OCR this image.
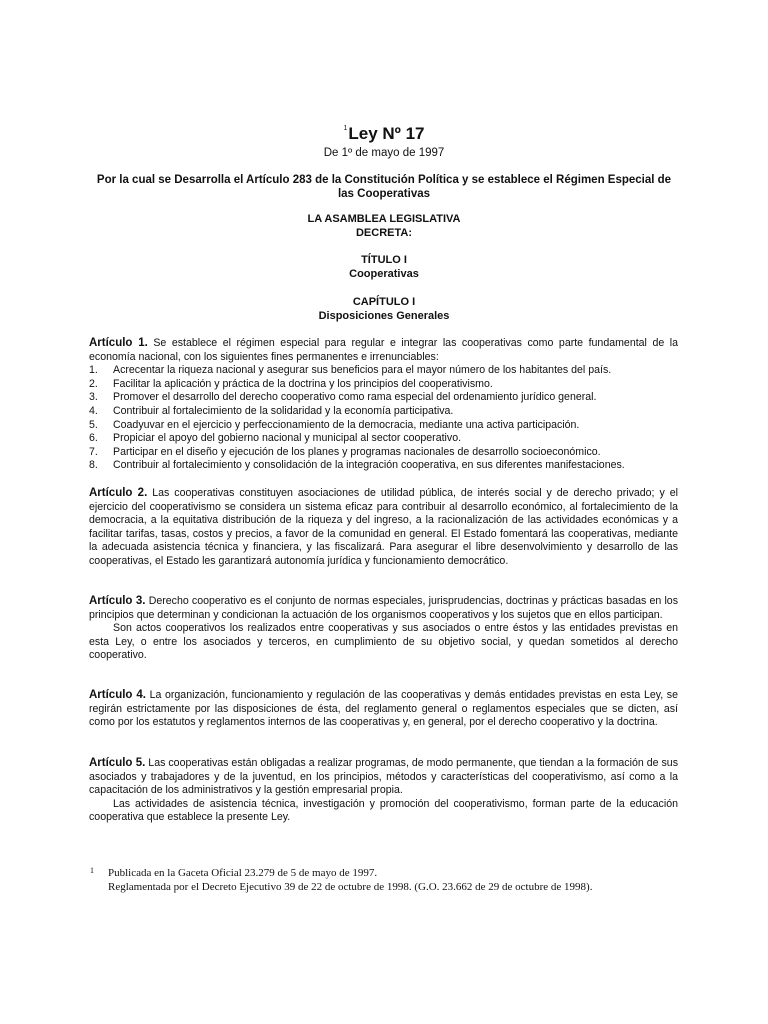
$^1$Ley Nº 17
De 1º de mayo de 1997
Por la cual se Desarrolla el Artículo 283 de la Constitución Política y se establece el Régimen Especial de las Cooperativas
LA ASAMBLEA LEGISLATIVA
DECRETA:
TÍTULO I
Cooperativas
CAPÍTULO I
Disposiciones Generales
Artículo 1. Se establece el régimen especial para regular e integrar las cooperativas como parte fundamental de la economía nacional, con los siguientes fines permanentes e irrenunciables:
1. Acrecentar la riqueza nacional y asegurar sus beneficios para el mayor número de los habitantes del país.
2. Facilitar la aplicación y práctica de la doctrina y los principios del cooperativismo.
3. Promover el desarrollo del derecho cooperativo como rama especial del ordenamiento jurídico general.
4. Contribuir al fortalecimiento de la solidaridad y la economía participativa.
5. Coadyuvar en el ejercicio y perfeccionamiento de la democracia, mediante una activa participación.
6. Propiciar el apoyo del gobierno nacional y municipal al sector cooperativo.
7. Participar en el diseño y ejecución de los planes y programas nacionales de desarrollo socioeconómico.
8. Contribuir al fortalecimiento y consolidación de la integración cooperativa, en sus diferentes manifestaciones.
Artículo 2. Las cooperativas constituyen asociaciones de utilidad pública, de interés social y de derecho privado; y el ejercicio del cooperativismo se considera un sistema eficaz para contribuir al desarrollo económico, al fortalecimiento de la democracia, a la equitativa distribución de la riqueza y del ingreso, a la racionalización de las actividades económicas y a facilitar tarifas, tasas, costos y precios, a favor de la comunidad en general. El Estado fomentará las cooperativas, mediante la adecuada asistencia técnica y financiera, y las fiscalizará. Para asegurar el libre desenvolvimiento y desarrollo de las cooperativas, el Estado les garantizará autonomía jurídica y funcionamiento democrático.
Artículo 3. Derecho cooperativo es el conjunto de normas especiales, jurisprudencias, doctrinas y prácticas basadas en los principios que determinan y condicionan la actuación de los organismos cooperativos y los sujetos que en ellos participan.
Son actos cooperativos los realizados entre cooperativas y sus asociados o entre éstos y las entidades previstas en esta Ley, o entre los asociados y terceros, en cumplimiento de su objetivo social, y quedan sometidos al derecho cooperativo.
Artículo 4. La organización, funcionamiento y regulación de las cooperativas y demás entidades previstas en esta Ley, se regirán estrictamente por las disposiciones de ésta, del reglamento general o reglamentos especiales que se dicten, así como por los estatutos y reglamentos internos de las cooperativas y, en general, por el derecho cooperativo y la doctrina.
Artículo 5. Las cooperativas están obligadas a realizar programas, de modo permanente, que tiendan a la formación de sus asociados y trabajadores y de la juventud, en los principios, métodos y características del cooperativismo, así como a la capacitación de los administrativos y la gestión empresarial propia.
Las actividades de asistencia técnica, investigación y promoción del cooperativismo, forman parte de la educación cooperativa que establece la presente Ley.
1	Publicada en la Gaceta Oficial 23.279 de 5 de mayo de 1997.
Reglamentada por el Decreto Ejecutivo 39 de 22 de octubre de 1998. (G.O. 23.662 de 29 de octubre de 1998).
